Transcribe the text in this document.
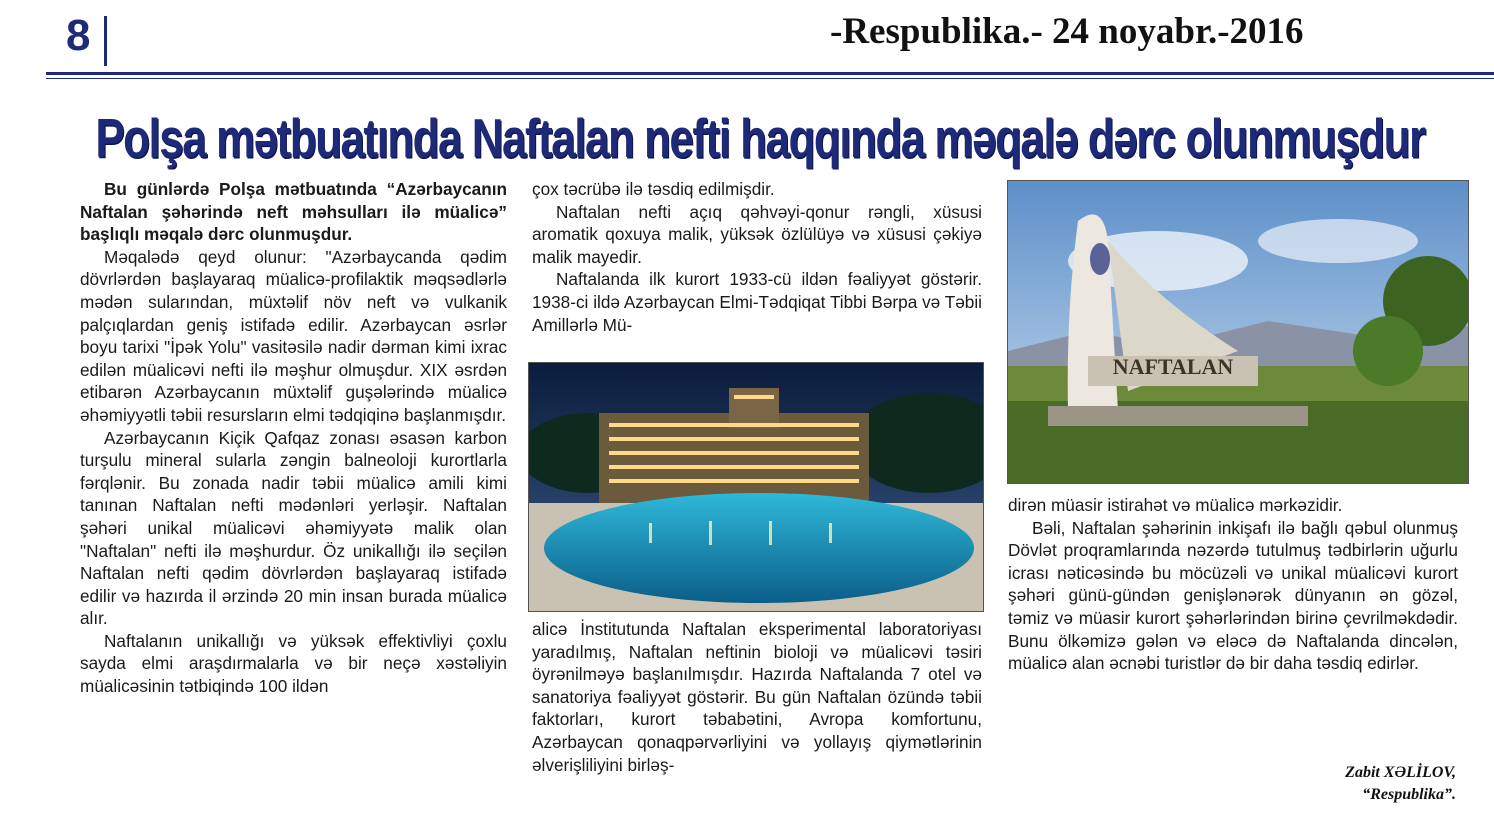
8	-Respublika.- 24 noyabr.-2016
Polşa mətbuatında Naftalan nefti haqqında məqalə dərc olunmuşdur

Bu günlərdə Polşa mətbuatında “Azərbaycanın Naftalan şəhərində neft məhsulları ilə müalicə” başlıqlı məqalə dərc olunmuşdur.

Məqalədə qeyd olunur: "Azərbaycanda qədim dövrlərdən başlayaraq müalicə-profilaktik məqsədlərlə mədən sularından, müxtəlif növ neft və vulkanik palçıqlardan geniş istifadə edilir. Azərbaycan əsrlər boyu tarixi "İpək Yolu" vasitəsilə nadir dərman kimi ixrac edilən müalicəvi nefti ilə məşhur olmuşdur. XIX əsrdən etibarən Azərbaycanın müxtəlif guşələrində müalicə əhəmiyyətli təbii resursların elmi tədqiqinə başlanmışdır.

Azərbaycanın Kiçik Qafqaz zonası əsasən karbon turşulu mineral sularla zəngin balneoloji kurortlarla fərqlənir. Bu zonada nadir təbii müalicə amili kimi tanınan Naftalan nefti mədənləri yerləşir. Naftalan şəhəri unikal müalicəvi əhəmiyyətə malik olan "Naftalan" nefti ilə məşhurdur. Öz unikallığı ilə seçilən Naftalan nefti qədim dövrlərdən başlayaraq istifadə edilir və hazırda il ərzində 20 min insan burada müalicə alır.

Naftalanın unikallığı və yüksək effektivliyi çoxlu sayda elmi araşdırmalarla və bir neçə xəstəliyin müalicəsinin tətbiqində 100 ildən

çox təcrübə ilə təsdiq edilmişdir.

Naftalan nefti açıq qəhvəyi-qonur rəngli, xüsusi aromatik qoxuya malik, yüksək özlülüyə və xüsusi çəkiyə malik mayedir.

Naftalanda ilk kurort 1933-cü ildən fəaliyyət göstərir. 1938-ci ildə Azərbaycan Elmi-Tədqiqat Tibbi Bərpa və Təbii Amillərlə Mü-

alicə İnstitutunda Naftalan eksperimental laboratoriyası yaradılmış, Naftalan neftinin bioloji və müalicəvi təsiri öyrənilməyə başlanılmışdır. Hazırda Naftalanda 7 otel və sanatoriya fəaliyyət göstərir. Bu gün Naftalan özündə təbii faktorları, kurort təbabətini, Avropa komfortunu, Azərbaycan qonaqpərvərliyini və yollayış qiymətlərinin əlverişliliyini birləş-

NAFTALAN

dirən müasir istirahət və müalicə mərkəzidir.

Bəli, Naftalan şəhərinin inkişafı ilə bağlı qəbul olunmuş Dövlət proqramlarında nəzərdə tutulmuş tədbirlərin uğurlu icrası nəticəsində bu möcüzəli və unikal müalicəvi kurort şəhəri günü-gündən genişlənərək dünyanın ən gözəl, təmiz və müasir kurort şəhərlərindən birinə çevrilməkdədir. Bunu ölkəmizə gələn və eləcə də Naftalanda dincələn, müalicə alan əcnəbi turistlər də bir daha təsdiq edirlər.

Zabit XƏLİLOV,
“Respublika”.
